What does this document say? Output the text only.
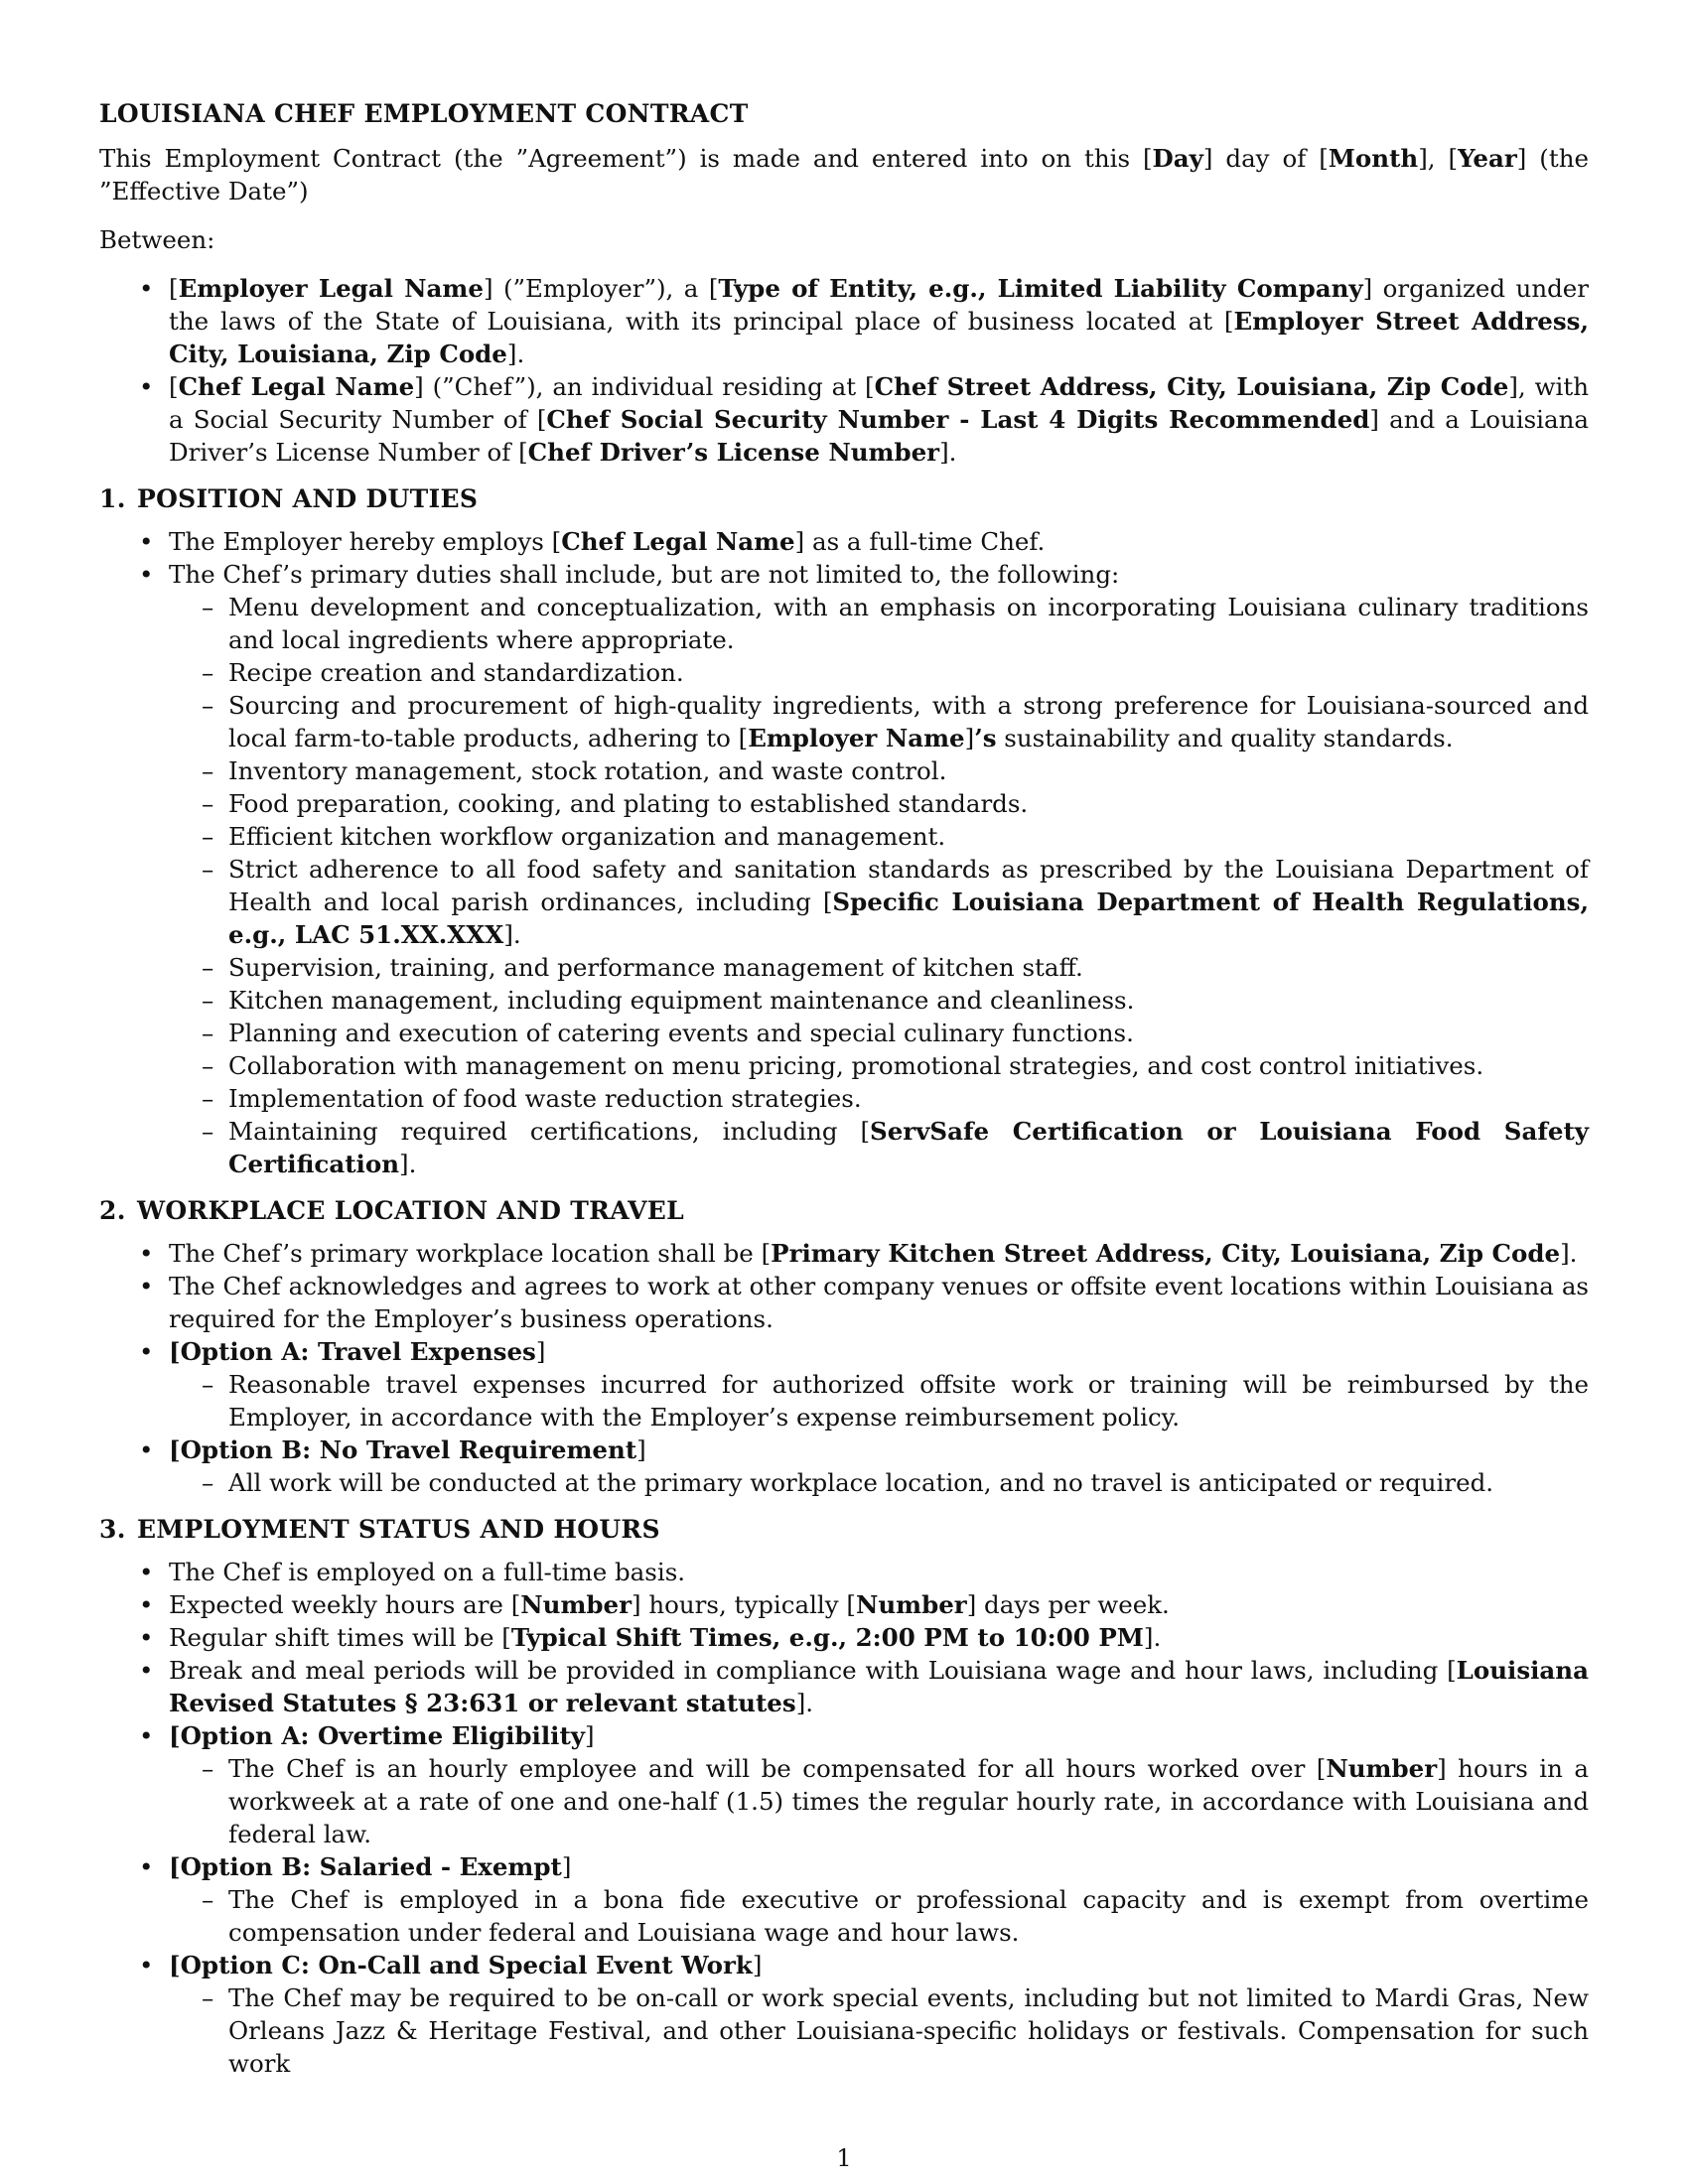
LOUISIANA CHEF EMPLOYMENT CONTRACT

This Employment Contract (the ”Agreement”) is made and entered into on this [Day] day of [Month], [Year] (the ”Effective Date”)

Between:

• [Employer Legal Name] (”Employer”), a [Type of Entity, e.g., Limited Liability Company] organized under the laws of the State of Louisiana, with its principal place of business located at [Employer Street Address, City, Louisiana, Zip Code].
• [Chef Legal Name] (”Chef”), an individual residing at [Chef Street Address, City, Louisiana, Zip Code], with a Social Security Number of [Chef Social Security Number - Last 4 Digits Recommended] and a Louisiana Driver’s License Number of [Chef Driver’s License Number].
1. POSITION AND DUTIES
• The Employer hereby employs [Chef Legal Name] as a full-time Chef.
• The Chef’s primary duties shall include, but are not limited to, the following:
– Menu development and conceptualization, with an emphasis on incorporating Louisiana culinary traditions and local ingredients where appropriate.
– Recipe creation and standardization.
– Sourcing and procurement of high-quality ingredients, with a strong preference for Louisiana-sourced and local farm-to-table products, adhering to [Employer Name]’s sustainability and quality standards.
– Inventory management, stock rotation, and waste control.
– Food preparation, cooking, and plating to established standards.
– Efficient kitchen workflow organization and management.
– Strict adherence to all food safety and sanitation standards as prescribed by the Louisiana Department of Health and local parish ordinances, including [Specific Louisiana Department of Health Regulations, e.g., LAC 51.XX.XXX].
– Supervision, training, and performance management of kitchen staff.
– Kitchen management, including equipment maintenance and cleanliness.
– Planning and execution of catering events and special culinary functions.
– Collaboration with management on menu pricing, promotional strategies, and cost control initiatives.
– Implementation of food waste reduction strategies.
– Maintaining required certifications, including [ServSafe Certification or Louisiana Food Safety Certification].
2. WORKPLACE LOCATION AND TRAVEL
• The Chef’s primary workplace location shall be [Primary Kitchen Street Address, City, Louisiana, Zip Code].
• The Chef acknowledges and agrees to work at other company venues or offsite event locations within Louisiana as required for the Employer’s business operations.
• [Option A: Travel Expenses]
– Reasonable travel expenses incurred for authorized offsite work or training will be reimbursed by the Employer, in accordance with the Employer’s expense reimbursement policy.
• [Option B: No Travel Requirement]
– All work will be conducted at the primary workplace location, and no travel is anticipated or required.
3. EMPLOYMENT STATUS AND HOURS
• The Chef is employed on a full-time basis.
• Expected weekly hours are [Number] hours, typically [Number] days per week.
• Regular shift times will be [Typical Shift Times, e.g., 2:00 PM to 10:00 PM].
• Break and meal periods will be provided in compliance with Louisiana wage and hour laws, including [Louisiana Revised Statutes § 23:631 or relevant statutes].
• [Option A: Overtime Eligibility]
– The Chef is an hourly employee and will be compensated for all hours worked over [Number] hours in a workweek at a rate of one and one-half (1.5) times the regular hourly rate, in accordance with Louisiana and federal law.
• [Option B: Salaried - Exempt]
– The Chef is employed in a bona fide executive or professional capacity and is exempt from overtime compensation under federal and Louisiana wage and hour laws.
• [Option C: On-Call and Special Event Work]
– The Chef may be required to be on-call or work special events, including but not limited to Mardi Gras, New Orleans Jazz & Heritage Festival, and other Louisiana-specific holidays or festivals. Compensation for such work
1
